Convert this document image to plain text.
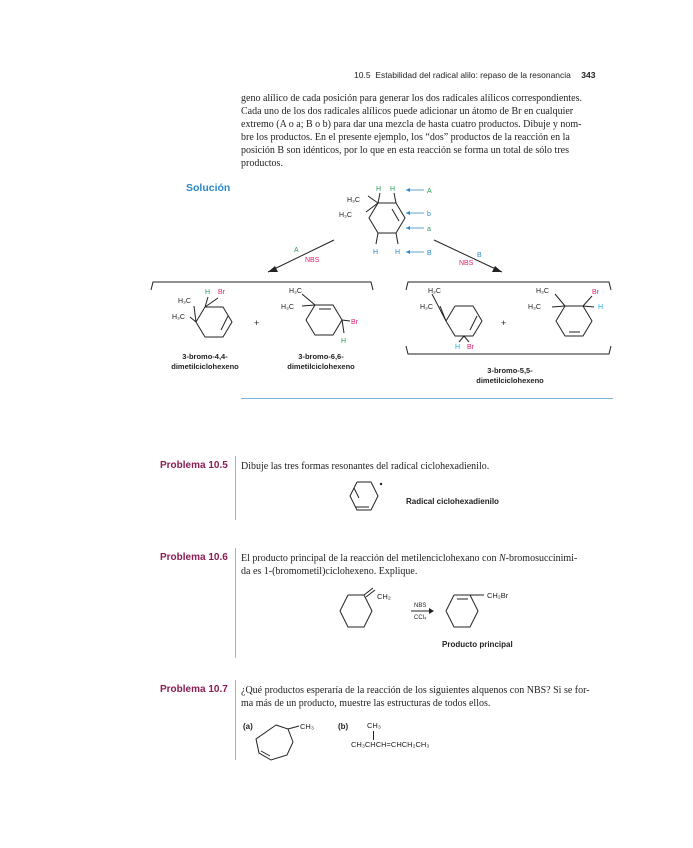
10.5 Estabilidad del radical alilo: repaso de la resonancia 343
geno alílico de cada posición para generar los dos radicales alílicos correspondientes.
Cada uno de los dos radicales alílicos puede adicionar un átomo de Br en cualquier
extremo (A o a; B o b) para dar una mezcla de hasta cuatro productos. Dibuje y nom-
bre los productos. En el presente ejemplo, los “dos” productos de la reacción en la
posición B son idénticos, por lo que en esta reacción se forma un total de sólo tres
productos.
Solución
H₃C
H₃C
H H
H H
A
b
a
B
A
NBS
B
NBS
H₃C
H₃C
H Br	H₃C
H₃C
Br
H
H₃C
H₃C
H Br
H₃C
H₃C
Br
H
+	+
3-bromo-4,4-
dimetilciclohexeno
3-bromo-6,6-
dimetilciclohexeno	3-bromo-5,5-
dimetilciclohexeno
Problema 10.5 Dibuje las tres formas resonantes del radical ciclohexadienilo.
Radical ciclohexadienilo
Problema 10.6 El producto principal de la reacción del metilenciclohexano con N-bromosuccinimi-
da es 1-(bromometil)ciclohexeno. Explique.
CH₂
NBS
CCl₄
CH₂Br
Producto principal
Problema 10.7 ¿Qué productos esperaría de la reacción de los siguientes alquenos con NBS? Si se for-
ma más de un producto, muestre las estructuras de todos ellos.
(a)	(b)
CH₃	CH₃
CH₃CHCH=CHCH₂CH₃
